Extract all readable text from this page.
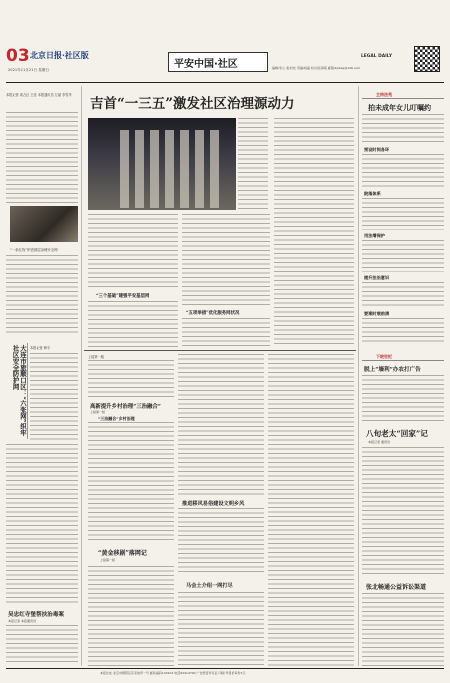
03 北京日报·社区版
2021年11月21日 星期日	平安中国·社区	编辑/李立 美术/杜 责编/杨磊 校对/张海棠 邮箱/bjrbsq@126.com
LEGAL DAILY
本报记者 周占红 王佳 本报通讯员 左斌 李雪华
“一条红线”织密基层治理安全网
吉首“一三五”激发社区治理源动力
“三个基础”建强平安基层网
“五项举措”优化服务网状况
大连市旅顺口区：“六张网”织牢社区安全防护网	本报记者 韩宇
吴忠红寺堡帮扶治毒案
本报记者 本报通讯员
上接第一版
高新提升乡村治理“三治融合”
上接第一版
“三治融合”乡村治理
“黄金移剧”落网记
上接第一版
推进移风易俗建设文明乡风
马会土介绍一网打尽
主持法苑
拍未成年女儿叮嘱约
预设时间各环
院落体系
用法增保护
提升法治意识
要案时展前清
下院世纪
脱上“墙利”办农打广告
八旬老太“回家”记
本报记者 通讯员
张北畅通公益诉讼渠道
本报社址 北京市朝阳区花家地甲一号 邮政编码100102 电话62414700 广告经营许可证 印刷 零售价每份1元
